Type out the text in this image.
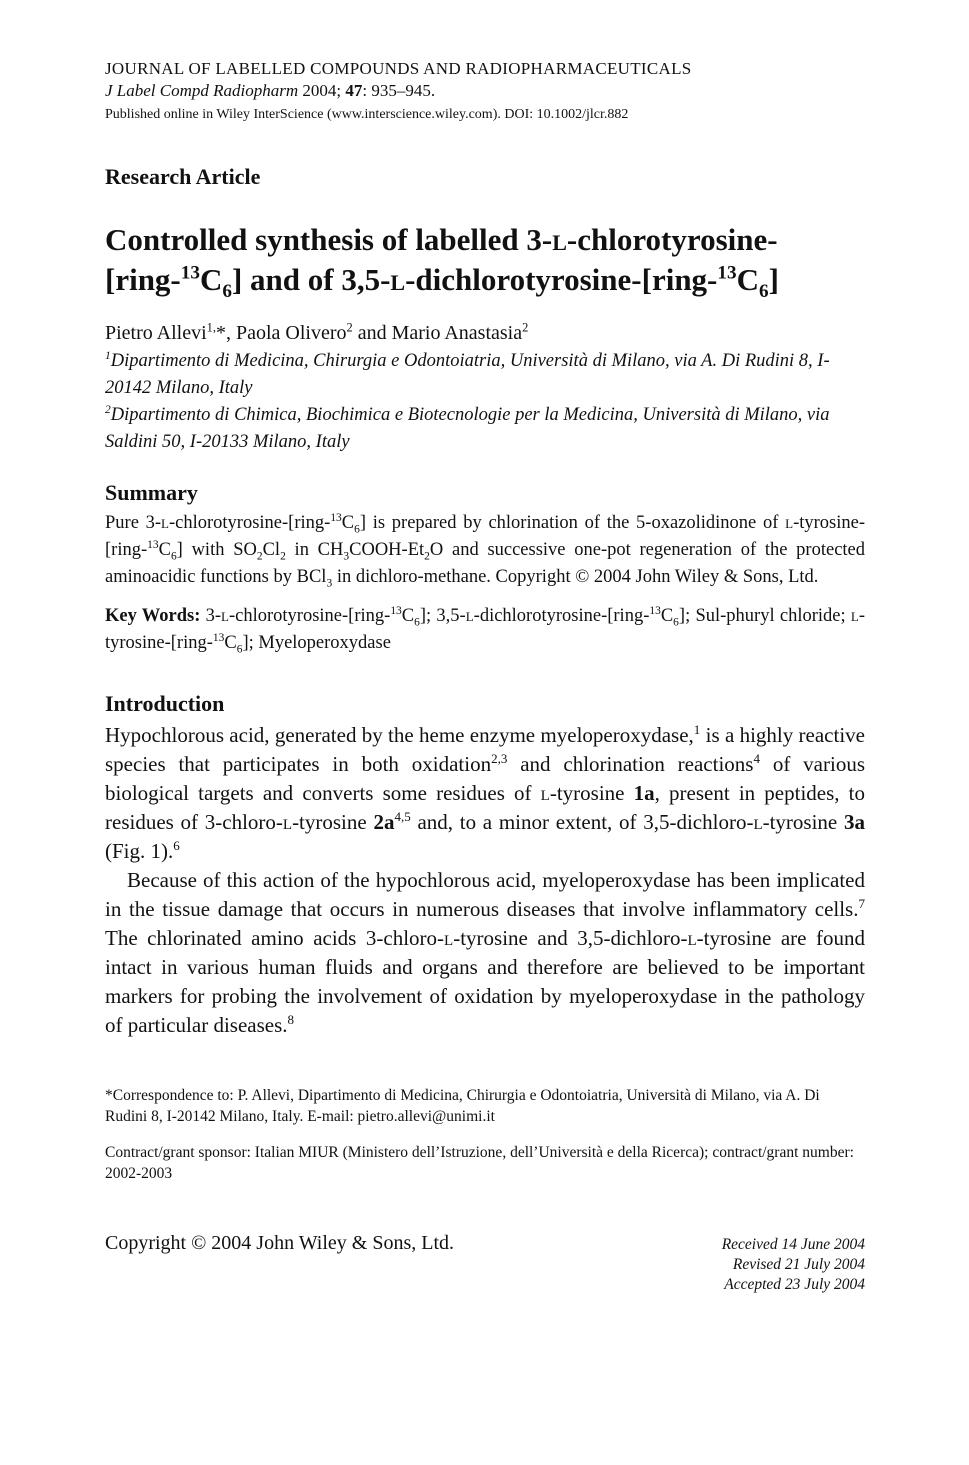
JOURNAL OF LABELLED COMPOUNDS AND RADIOPHARMACEUTICALS
J Label Compd Radiopharm 2004; 47: 935–945.
Published online in Wiley InterScience (www.interscience.wiley.com). DOI: 10.1002/jlcr.882
Research Article
Controlled synthesis of labelled 3-l-chlorotyrosine-
$[ring-^{13}C_6]$ and of $3,5-l-dichlorotyrosine-[ring-^{13}C_6]$
Pietro Allevi$^{1,}$*, Paola Olivero$^2$ and Mario Anastasia$^2$
$^1$Dipartimento di Medicina, Chirurgia e Odontoiatria, Università di Milano, via A. Di Rudini 8, I-20142 Milano, Italy
$^2$Dipartimento di Chimica, Biochimica e Biotecnologie per la Medicina, Università di Milano, via Saldini 50, I-20133 Milano, Italy
Summary
Pure $3-l-chlorotyrosine-[ring-^{13}C_6]$ is prepared by chlorination of the 5-oxazolidinone of $l-tyrosine-[ring-^{13}C_6]$ with $SO_2Cl_2$ in $CH_3COOH-Et_2O$ and successive one-pot regeneration of the protected aminoacidic functions by BCl$_3$ in dichloro-methane. Copyright © 2004 John Wiley & Sons, Ltd.
Key Words: $3-l-chlorotyrosine-[ring-^{13}C_6]$; $3,5-l-dichlorotyrosine-[ring-^{13}C_6]$; Sul-phuryl chloride; $l-tyrosine-[ring-^{13}C_6]$; Myeloperoxydase
Introduction

Hypochlorous acid, generated by the heme enzyme myeloperoxydase,$^1$ is a highly reactive species that participates in both oxidation$^{2,3}$ and chlorination reactions$^4$ of various biological targets and converts some residues of l-tyrosine 1a, present in peptides, to residues of 3-chloro-l-tyrosine $2a^{4,5}$ and, to a minor extent, of 3,5-dichloro-l-tyrosine 3a (Fig. 1).$^6$

Because of this action of the hypochlorous acid, myeloperoxydase has been implicated in the tissue damage that occurs in numerous diseases that involve inflammatory cells.$^7$ The chlorinated amino acids 3-chloro-l-tyrosine and 3,5-dichloro-l-tyrosine are found intact in various human fluids and organs and therefore are believed to be important markers for probing the involvement of oxidation by myeloperoxydase in the pathology of particular diseases.$^8$

*Correspondence to: P. Allevi, Dipartimento di Medicina, Chirurgia e Odontoiatria, Università di Milano, via A. Di Rudini 8, I-20142 Milano, Italy. E-mail: pietro.allevi@unimi.it
Contract/grant sponsor: Italian MIUR (Ministero dell’Istruzione, dell’Università e della Ricerca); contract/grant number: 2002-2003
Copyright © 2004 John Wiley & Sons, Ltd.	Received 14 June 2004
Revised 21 July 2004
Accepted 23 July 2004
